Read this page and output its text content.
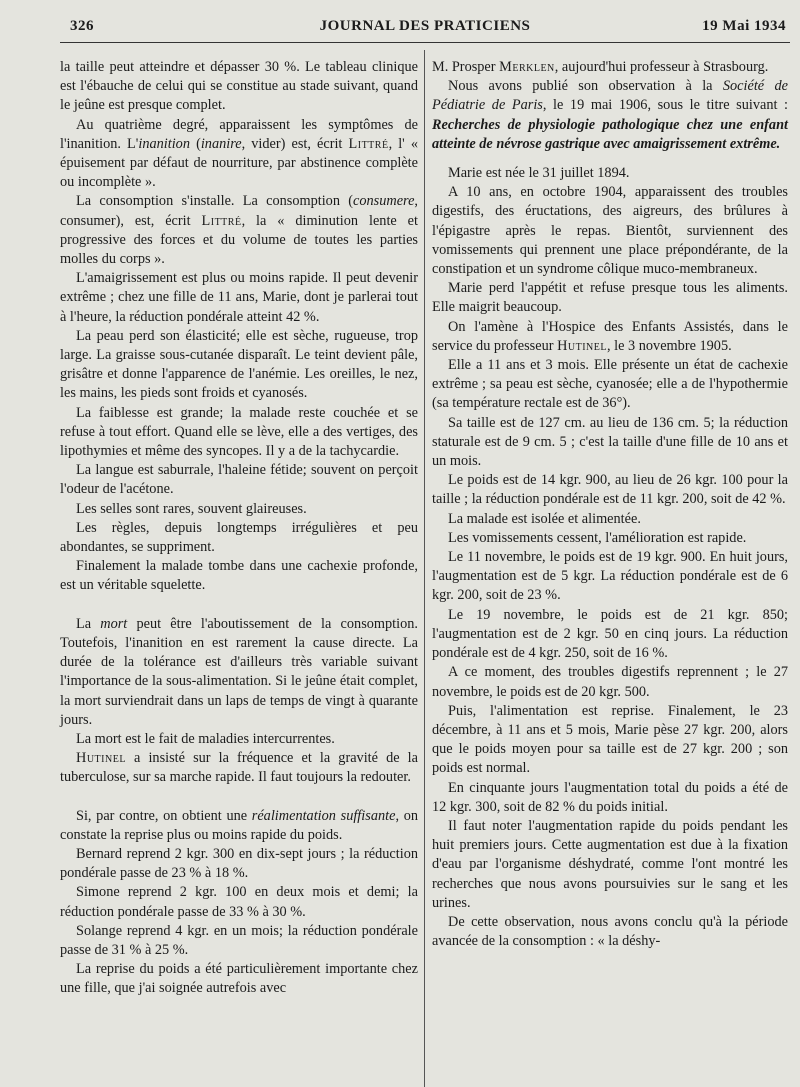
326	JOURNAL DES PRATICIENS	19 Mai 1934

la taille peut atteindre et dépasser 30 %. Le tableau clinique est l'ébauche de celui qui se constitue au stade suivant, quand le jeûne est presque complet.

Au quatrième degré, apparaissent les symptômes de l'inanition. L'inanition (inanire, vider) est, écrit Littré, l' « épuisement par défaut de nourriture, par abstinence complète ou incomplète ».

La consomption s'installe. La consomption (consumere, consumer), est, écrit Littré, la « diminution lente et progressive des forces et du volume de toutes les parties molles du corps ».

L'amaigrissement est plus ou moins rapide. Il peut devenir extrême ; chez une fille de 11 ans, Marie, dont je parlerai tout à l'heure, la réduction pondérale atteint 42 %.

La peau perd son élasticité; elle est sèche, rugueuse, trop large. La graisse sous-cutanée disparaît. Le teint devient pâle, grisâtre et donne l'apparence de l'anémie. Les oreilles, le nez, les mains, les pieds sont froids et cyanosés.

La faiblesse est grande; la malade reste couchée et se refuse à tout effort. Quand elle se lève, elle a des vertiges, des lipothymies et même des syncopes. Il y a de la tachycardie.

La langue est saburrale, l'haleine fétide; souvent on perçoit l'odeur de l'acétone.

Les selles sont rares, souvent glaireuses.

Les règles, depuis longtemps irrégulières et peu abondantes, se suppriment.

Finalement la malade tombe dans une cachexie profonde, est un véritable squelette.

La mort peut être l'aboutissement de la consomption. Toutefois, l'inanition en est rarement la cause directe. La durée de la tolérance est d'ailleurs très variable suivant l'importance de la sous-alimentation. Si le jeûne était complet, la mort surviendrait dans un laps de temps de vingt à quarante jours.

La mort est le fait de maladies intercurrentes.

Hutinel a insisté sur la fréquence et la gravité de la tuberculose, sur sa marche rapide. Il faut toujours la redouter.

Si, par contre, on obtient une réalimentation suffisante, on constate la reprise plus ou moins rapide du poids.

Bernard reprend 2 kgr. 300 en dix-sept jours ; la réduction pondérale passe de 23 % à 18 %.

Simone reprend 2 kgr. 100 en deux mois et demi; la réduction pondérale passe de 33 % à 30 %.

Solange reprend 4 kgr. en un mois; la réduction pondérale passe de 31 % à 25 %.

La reprise du poids a été particulièrement importante chez une fille, que j'ai soignée autrefois avec

M. Prosper Merklen, aujourd'hui professeur à Strasbourg.

Nous avons publié son observation à la Société de Pédiatrie de Paris, le 19 mai 1906, sous le titre suivant : Recherches de physiologie pathologique chez une enfant atteinte de névrose gastrique avec amaigrissement extrême.

Marie est née le 31 juillet 1894.

A 10 ans, en octobre 1904, apparaissent des troubles digestifs, des éructations, des aigreurs, des brûlures à l'épigastre après le repas. Bientôt, surviennent des vomissements qui prennent une place prépondérante, de la constipation et un syndrome côlique muco-membraneux.

Marie perd l'appétit et refuse presque tous les aliments. Elle maigrit beaucoup.

On l'amène à l'Hospice des Enfants Assistés, dans le service du professeur Hutinel, le 3 novembre 1905.

Elle a 11 ans et 3 mois. Elle présente un état de cachexie extrême ; sa peau est sèche, cyanosée; elle a de l'hypothermie (sa température rectale est de 36°).

Sa taille est de 127 cm. au lieu de 136 cm. 5; la réduction staturale est de 9 cm. 5 ; c'est la taille d'une fille de 10 ans et un mois.

Le poids est de 14 kgr. 900, au lieu de 26 kgr. 100 pour la taille ; la réduction pondérale est de 11 kgr. 200, soit de 42 %.

La malade est isolée et alimentée.

Les vomissements cessent, l'amélioration est rapide.

Le 11 novembre, le poids est de 19 kgr. 900. En huit jours, l'augmentation est de 5 kgr. La réduction pondérale est de 6 kgr. 200, soit de 23 %.

Le 19 novembre, le poids est de 21 kgr. 850; l'augmentation est de 2 kgr. 50 en cinq jours. La réduction pondérale est de 4 kgr. 250, soit de 16 %.

A ce moment, des troubles digestifs reprennent ; le 27 novembre, le poids est de 20 kgr. 500.

Puis, l'alimentation est reprise. Finalement, le 23 décembre, à 11 ans et 5 mois, Marie pèse 27 kgr. 200, alors que le poids moyen pour sa taille est de 27 kgr. 200 ; son poids est normal.

En cinquante jours l'augmentation total du poids a été de 12 kgr. 300, soit de 82 % du poids initial.

Il faut noter l'augmentation rapide du poids pendant les huit premiers jours. Cette augmentation est due à la fixation d'eau par l'organisme déshydraté, comme l'ont montré les recherches que nous avons poursuivies sur le sang et les urines.

De cette observation, nous avons conclu qu'à la période avancée de la consomption : « la déshy-
